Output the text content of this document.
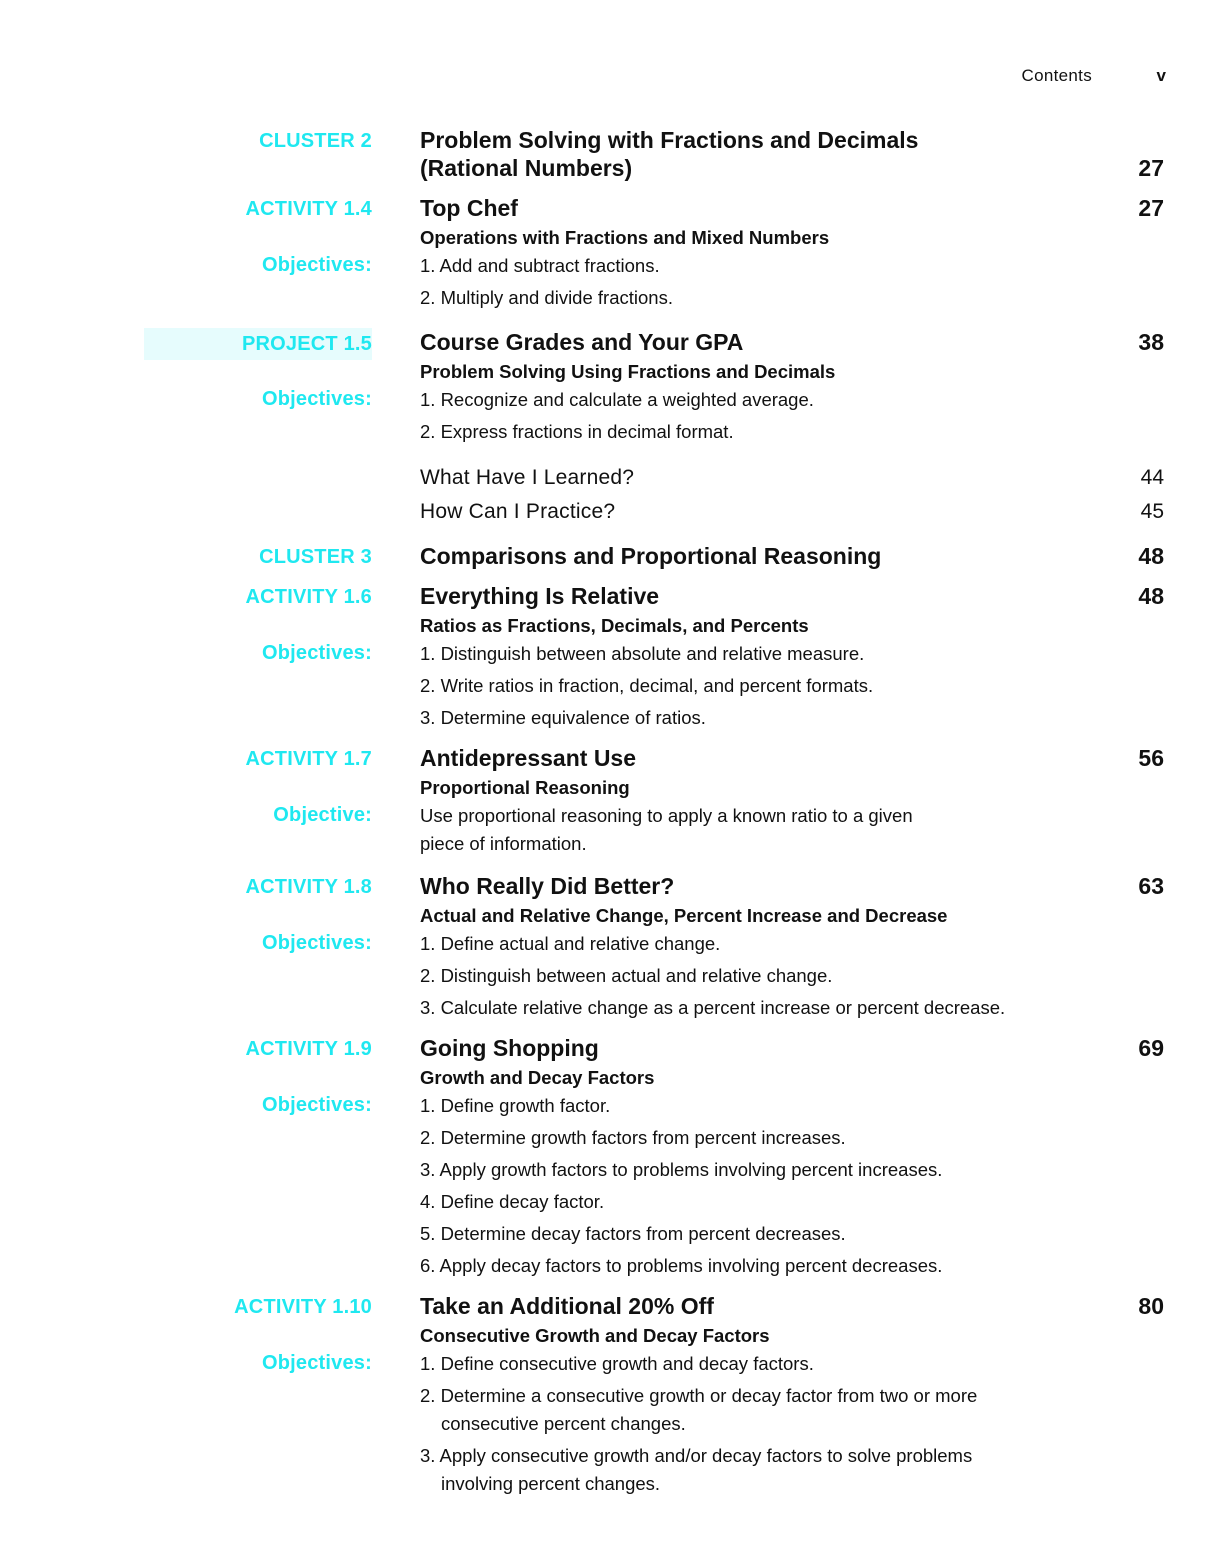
Contents	v
CLUSTER 2 Problem Solving with Fractions and Decimals
(Rational Numbers)	27
ACTIVITY 1.4 Top Chef	27
Operations with Fractions and Mixed Numbers
Objectives:	1. Add and subtract fractions.
2. Multiply and divide fractions.
PROJECT 1.5 Course Grades and Your GPA	38
Problem Solving Using Fractions and Decimals
Objectives:	1. Recognize and calculate a weighted average.
2. Express fractions in decimal format.
What Have I Learned?	44
How Can I Practice?	45
CLUSTER 3 Comparisons and Proportional Reasoning	48
ACTIVITY 1.6 Everything Is Relative	48
Ratios as Fractions, Decimals, and Percents
Objectives:	1. Distinguish between absolute and relative measure.
2. Write ratios in fraction, decimal, and percent formats.
3. Determine equivalence of ratios.
ACTIVITY 1.7 Antidepressant Use	56
Proportional Reasoning
Objective:	Use proportional reasoning to apply a known ratio to a given
piece of information.
ACTIVITY 1.8 Who Really Did Better?	63
Actual and Relative Change, Percent Increase and Decrease
Objectives:	1. Define actual and relative change.
2. Distinguish between actual and relative change.
3. Calculate relative change as a percent increase or percent decrease.
ACTIVITY 1.9 Going Shopping	69
Growth and Decay Factors
Objectives:	1. Define growth factor.
2. Determine growth factors from percent increases.
3. Apply growth factors to problems involving percent increases.
4. Define decay factor.
5. Determine decay factors from percent decreases.
6. Apply decay factors to problems involving percent decreases.
ACTIVITY 1.10 Take an Additional 20% Off	80
Consecutive Growth and Decay Factors
Objectives:	1. Define consecutive growth and decay factors.
2. Determine a consecutive growth or decay factor from two or more
consecutive percent changes.
3. Apply consecutive growth and/or decay factors to solve problems
involving percent changes.
